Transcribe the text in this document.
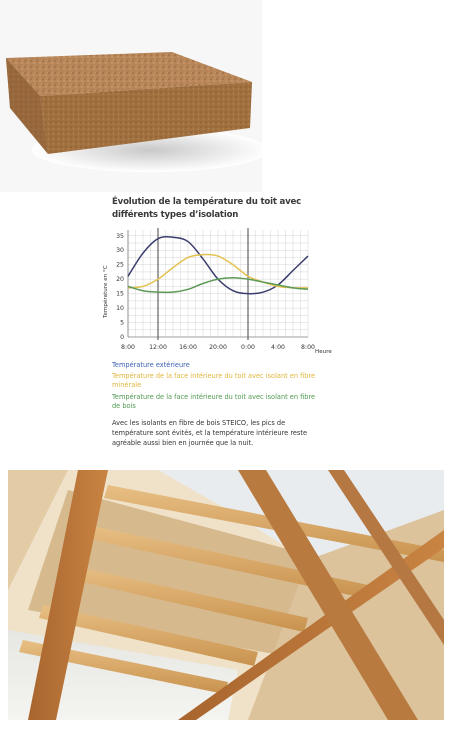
Évolution de la température du toit avec différents types d’isolation
0
5
10
15
20
25
30
35
8:00 12:00 16:00 20:00 0:00	4:00	8:00
Température en °C
Heure
Température extérieure
Température de la face intérieure du toit avec isolant en fibre minérale
Température de la face intérieure du toit avec isolant en fibre de bois
Avec les isolants en fibre de bois STEICO, les pics de température sont évités, et la température intérieure reste agréable aussi bien en journée que la nuit.
